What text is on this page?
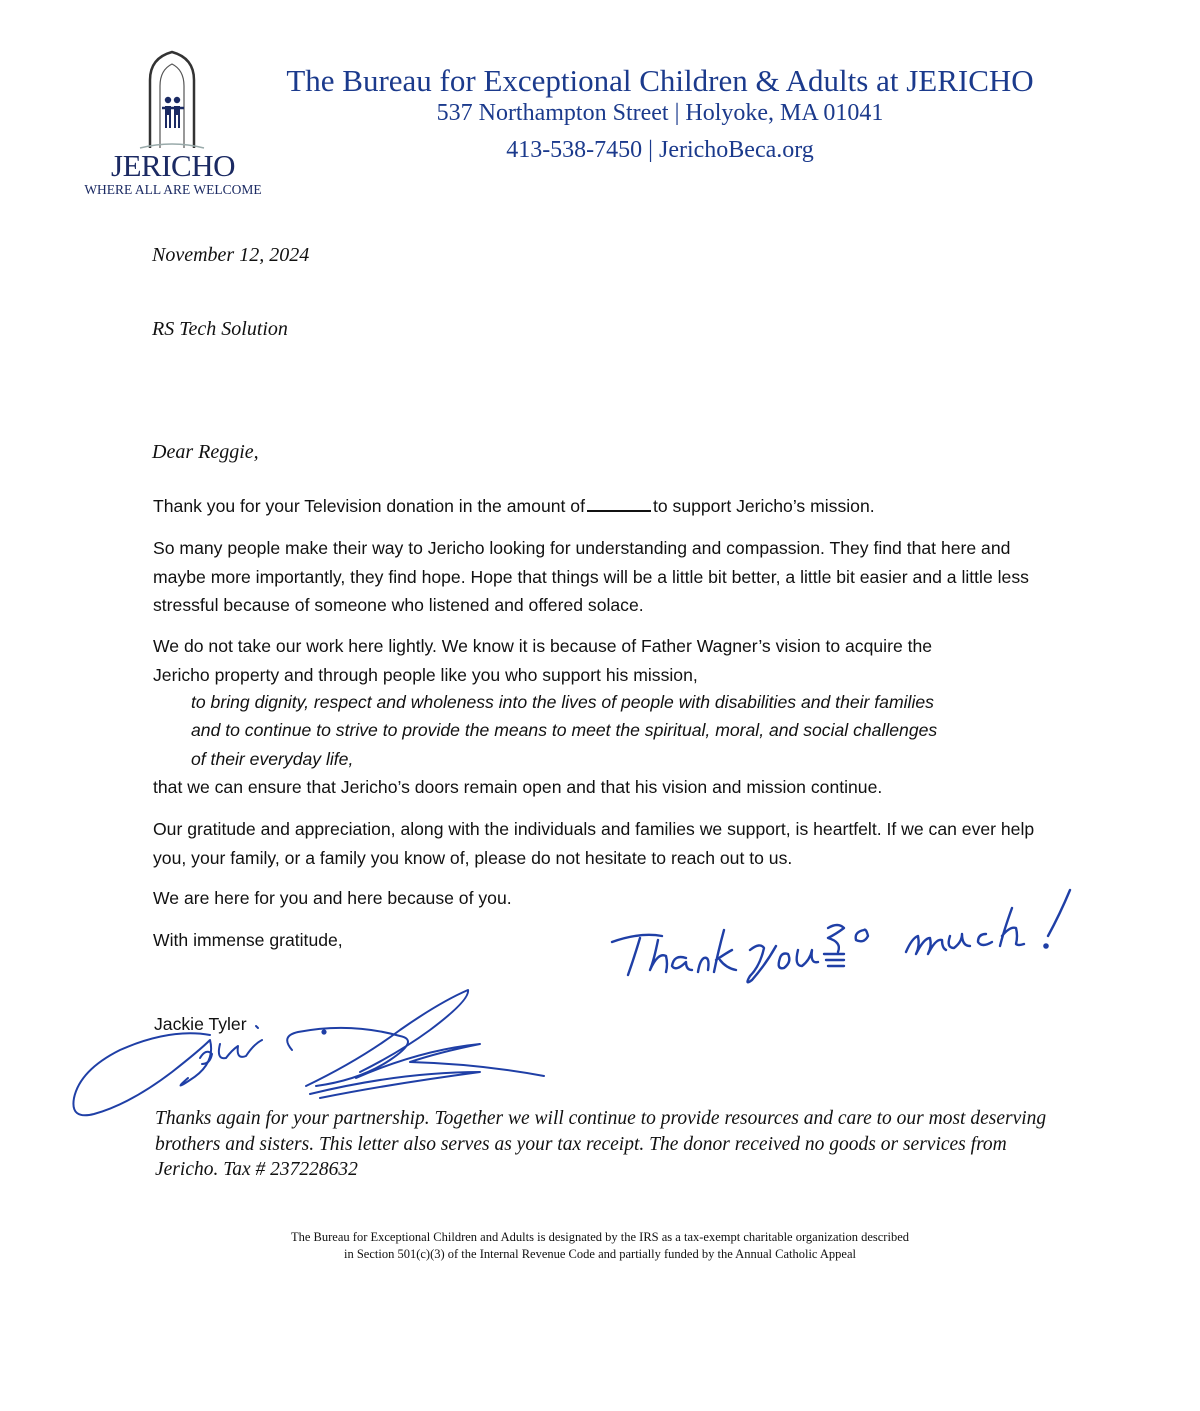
JERICHO
WHERE ALL ARE WELCOME
The Bureau for Exceptional Children & Adults at JERICHO
537 Northampton Street | Holyoke, MA 01041
413-538-7450 | JerichoBeca.org
November 12, 2024
RS Tech Solution
Dear Reggie,
Thank you for your Television donation in the amount of	to support Jericho’s mission.
So many people make their way to Jericho looking for understanding and compassion. They find that here and maybe more importantly, they find hope. Hope that things will be a little bit better, a little bit easier and a little less stressful because of someone who listened and offered solace.
We do not take our work here lightly. We know it is because of Father Wagner’s vision to acquire the
Jericho property and through people like you who support his mission,
to bring dignity, respect and wholeness into the lives of people with disabilities and their families
and to continue to strive to provide the means to meet the spiritual, moral, and social challenges
of their everyday life,
that we can ensure that Jericho’s doors remain open and that his vision and mission continue.
Our gratitude and appreciation, along with the individuals and families we support, is heartfelt. If we can ever help you, your family, or a family you know of, please do not hesitate to reach out to us.
We are here for you and here because of you.
With immense gratitude,
Jackie Tyler
Thanks again for your partnership. Together we will continue to provide resources and care to our most deserving brothers and sisters. This letter also serves as your tax receipt. The donor received no goods or services from Jericho. Tax # 237228632
The Bureau for Exceptional Children and Adults is designated by the IRS as a tax-exempt charitable organization described
in Section 501(c)(3) of the Internal Revenue Code and partially funded by the Annual Catholic Appeal
